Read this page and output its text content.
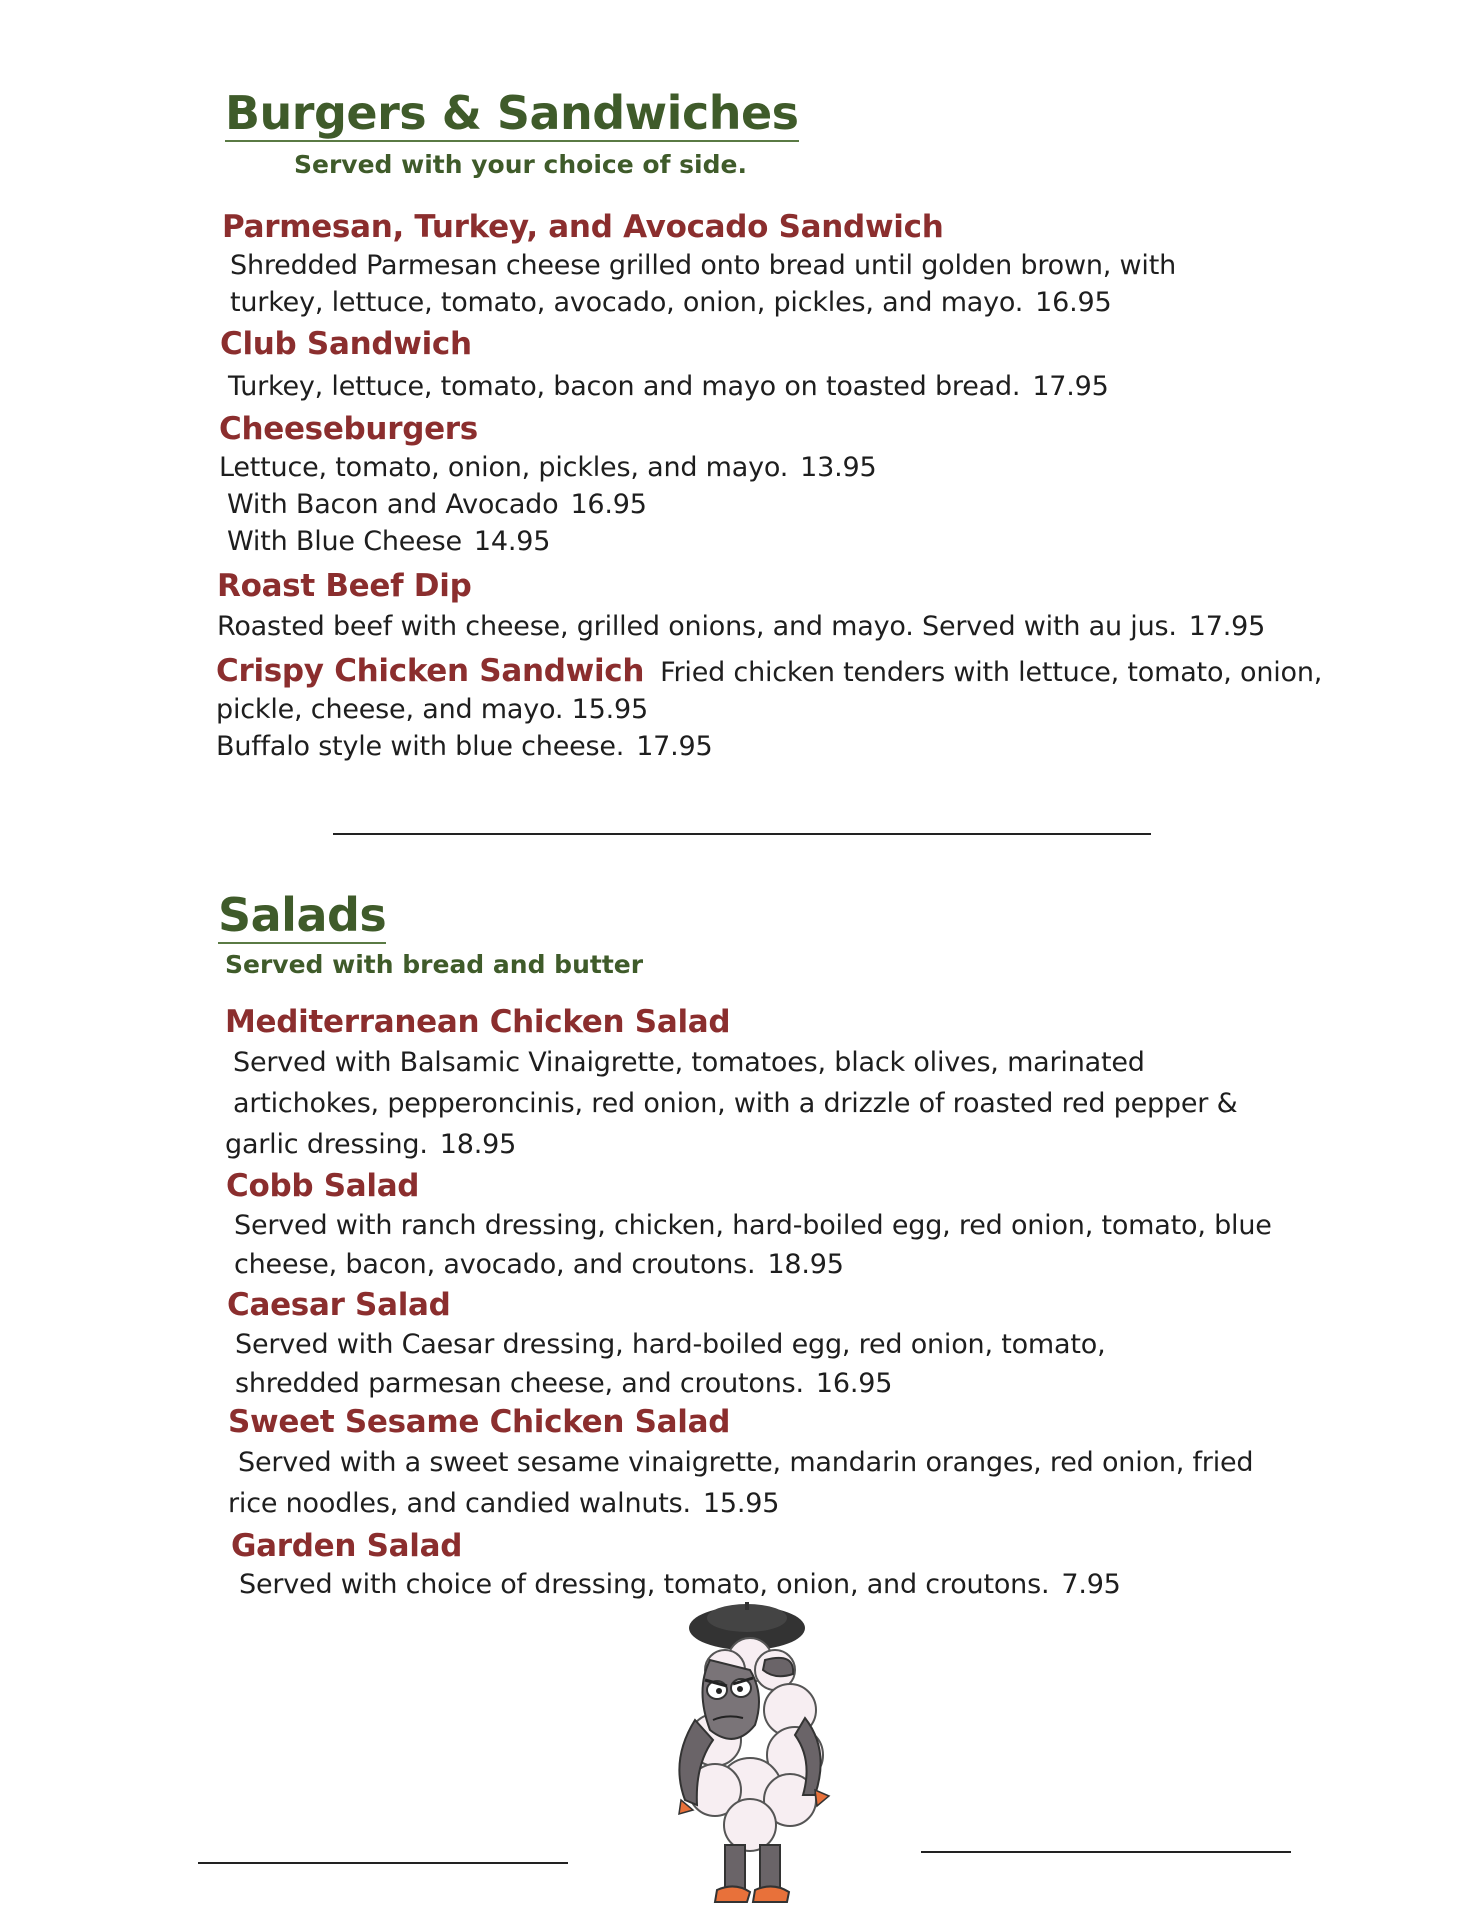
Burgers & Sandwiches
Served with your choice of side.
Parmesan, Turkey, and Avocado Sandwich
Shredded Parmesan cheese grilled onto bread until golden brown, with
turkey, lettuce, tomato, avocado, onion, pickles, and mayo. 16.95
Club Sandwich
Turkey, lettuce, tomato, bacon and mayo on toasted bread. 17.95
Cheeseburgers
Lettuce, tomato, onion, pickles, and mayo. 13.95
With Bacon and Avocado 16.95
With Blue Cheese 14.95
Roast Beef Dip
Roasted beef with cheese, grilled onions, and mayo. Served with au jus. 17.95
Crispy Chicken Sandwich Fried chicken tenders with lettuce, tomato, onion,
pickle, cheese, and mayo. 15.95
Buffalo style with blue cheese. 17.95
Salads
Served with bread and butter
Mediterranean Chicken Salad
Served with Balsamic Vinaigrette, tomatoes, black olives, marinated
artichokes, pepperoncinis, red onion, with a drizzle of roasted red pepper &
garlic dressing. 18.95
Cobb Salad
Served with ranch dressing, chicken, hard-boiled egg, red onion, tomato, blue
cheese, bacon, avocado, and croutons. 18.95
Caesar Salad
Served with Caesar dressing, hard-boiled egg, red onion, tomato,
shredded parmesan cheese, and croutons. 16.95
Sweet Sesame Chicken Salad
Served with a sweet sesame vinaigrette, mandarin oranges, red onion, fried
rice noodles, and candied walnuts. 15.95
Garden Salad
Served with choice of dressing, tomato, onion, and croutons. 7.95
